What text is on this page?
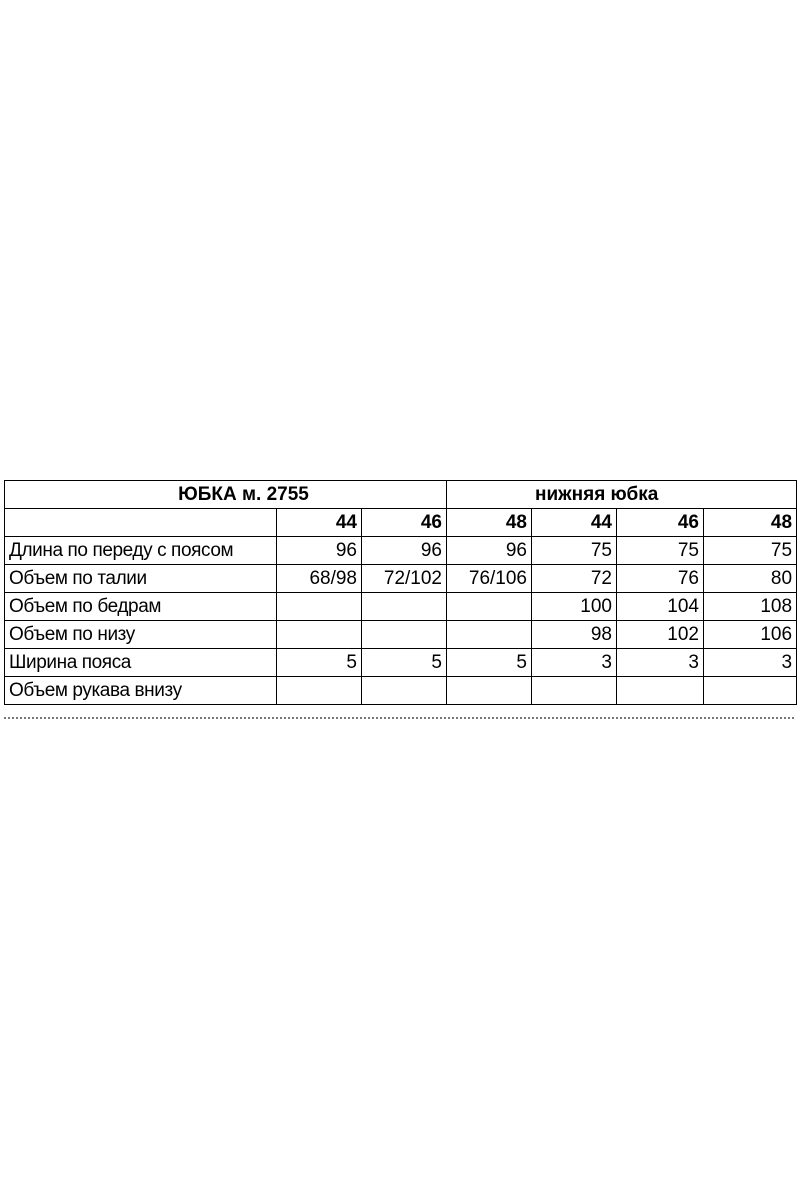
ЮБКА м. 2755			нижняя юбка			
	44	46	48	44	46	48
Длина по переду с поясом	96	96	96	75	75	75
Объем по талии	68/98	72/102	76/106	72	76	80
Объем по бедрам				100	104	108
Объем по низу				98	102	106
Ширина пояса	5	5	5	3	3	3
Объем рукава внизу						
